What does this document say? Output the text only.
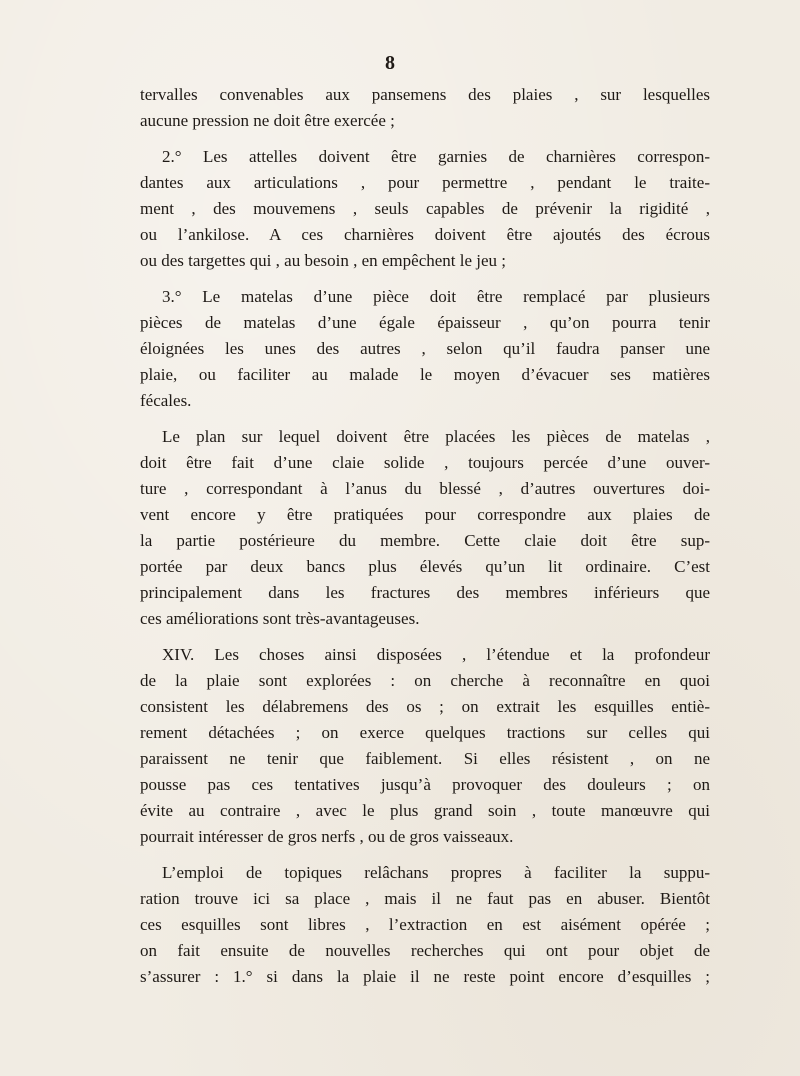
8
tervalles convenables aux pansemens des plaies , sur lesquelles
aucune pression ne doit être exercée ;
2.° Les attelles doivent être garnies de charnières correspon-
dantes aux articulations , pour permettre , pendant le traite-
ment , des mouvemens , seuls capables de prévenir la rigidité ,
ou l’ankilose. A ces charnières doivent être ajoutés des écrous
ou des targettes qui , au besoin , en empêchent le jeu ;
3.° Le matelas d’une pièce doit être remplacé par plusieurs
pièces de matelas d’une égale épaisseur , qu’on pourra tenir
éloignées les unes des autres , selon qu’il faudra panser une
plaie, ou faciliter au malade le moyen d’évacuer ses matières
fécales.
Le plan sur lequel doivent être placées les pièces de matelas ,
doit être fait d’une claie solide , toujours percée d’une ouver-
ture , correspondant à l’anus du blessé , d’autres ouvertures doi-
vent encore y être pratiquées pour correspondre aux plaies de
la partie postérieure du membre. Cette claie doit être sup-
portée par deux bancs plus élevés qu’un lit ordinaire. C’est
principalement dans les fractures des membres inférieurs que
ces améliorations sont très-avantageuses.
XIV. Les choses ainsi disposées , l’étendue et la profondeur
de la plaie sont explorées : on cherche à reconnaître en quoi
consistent les délabremens des os ; on extrait les esquilles entiè-
rement détachées ; on exerce quelques tractions sur celles qui
paraissent ne tenir que faiblement. Si elles résistent , on ne
pousse pas ces tentatives jusqu’à provoquer des douleurs ; on
évite au contraire , avec le plus grand soin , toute manœuvre qui
pourrait intéresser de gros nerfs , ou de gros vaisseaux.
L’emploi de topiques relâchans propres à faciliter la suppu-
ration trouve ici sa place , mais il ne faut pas en abuser. Bientôt
ces esquilles sont libres , l’extraction en est aisément opérée ;
on fait ensuite de nouvelles recherches qui ont pour objet de
s’assurer : 1.° si dans la plaie il ne reste point encore d’esquilles ;
